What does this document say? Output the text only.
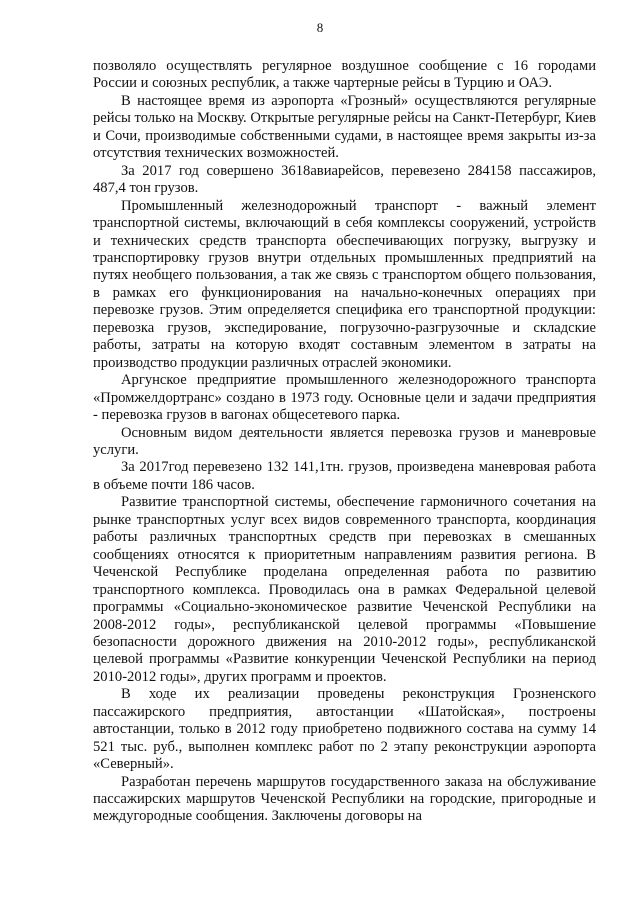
8

позволяло осуществлять регулярное воздушное сообщение с 16 городами России и союзных республик, а также чартерные рейсы в Турцию и ОАЭ.

В настоящее время из аэропорта «Грозный» осуществляются регулярные рейсы только на Москву. Открытые регулярные рейсы на Санкт-Петербург, Киев и Сочи, производимые собственными судами, в настоящее время закрыты из-за отсутствия технических возможностей.

За 2017 год совершено 3618авиарейсов, перевезено 284158 пассажиров, 487,4 тон грузов.

Промышленный железнодорожный транспорт - важный элемент транспортной системы, включающий в себя комплексы сооружений, устройств и технических средств транспорта обеспечивающих погрузку, выгрузку и транспортировку грузов внутри отдельных промышленных предприятий на путях необщего пользования, а так же связь с транспортом общего пользования, в рамках его функционирования на начально-конечных операциях при перевозке грузов. Этим определяется специфика его транспортной продукции: перевозка грузов, экспедирование, погрузочно-разгрузочные и складские работы, затраты на которую входят составным элементом в затраты на производство продукции различных отраслей экономики.

Аргунское предприятие промышленного железнодорожного транспорта «Промжелдортранс» создано в 1973 году. Основные цели и задачи предприятия - перевозка грузов в вагонах общесетевого парка.

Основным видом деятельности является перевозка грузов и маневровые услуги.

За 2017год перевезено 132 141,1тн. грузов, произведена маневровая работа в объеме почти 186 часов.

Развитие транспортной системы, обеспечение гармоничного сочетания на рынке транспортных услуг всех видов современного транспорта, координация работы различных транспортных средств при перевозках в смешанных сообщениях относятся к приоритетным направлениям развития региона. В Чеченской Республике проделана определенная работа по развитию транспортного комплекса. Проводилась она в рамках Федеральной целевой программы «Социально-экономическое развитие Чеченской Республики на 2008-2012 годы», республиканской целевой программы «Повышение безопасности дорожного движения на 2010-2012 годы», республиканской целевой программы «Развитие конкуренции Чеченской Республики на период 2010-2012 годы», других программ и проектов.

В ходе их реализации проведены реконструкция Грозненского пассажирского предприятия, автостанции «Шатойская», построены автостанции, только в 2012 году приобретено подвижного состава на сумму 14 521 тыс. руб., выполнен комплекс работ по 2 этапу реконструкции аэропорта «Северный».

Разработан перечень маршрутов государственного заказа на обслуживание пассажирских маршрутов Чеченской Республики на городские, пригородные и междугородные сообщения. Заключены договоры на
